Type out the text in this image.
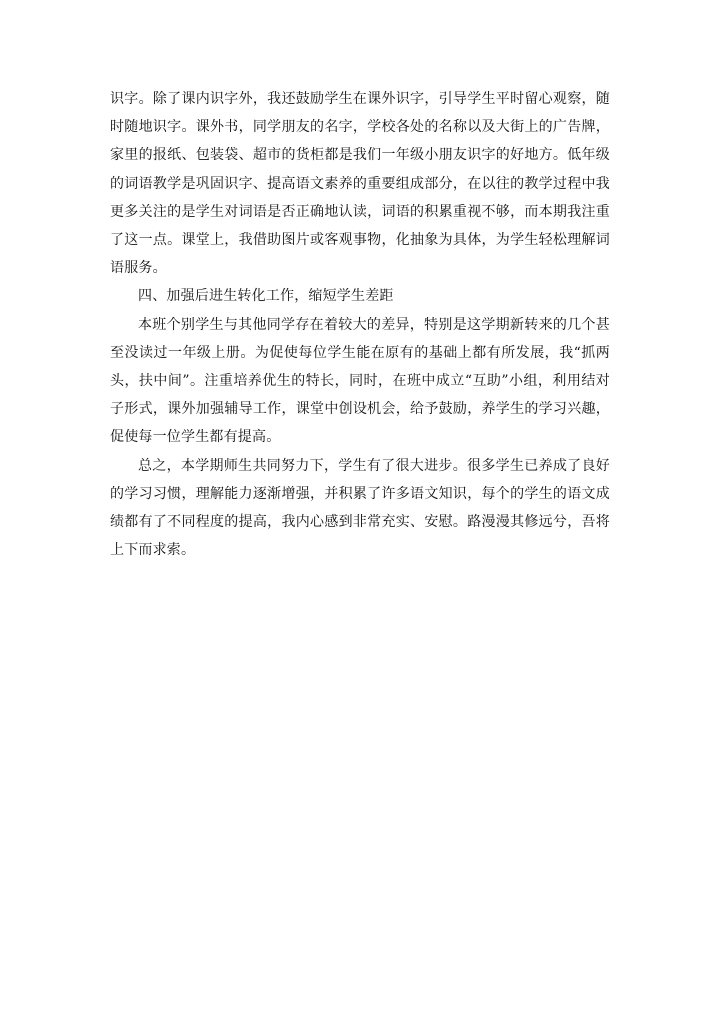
识字。除了课内识字外，我还鼓励学生在课外识字，引导学生平时留心观察，随时随地识字。课外书，同学朋友的名字，学校各处的名称以及大街上的广告牌，家里的报纸、包装袋、超市的货柜都是我们一年级小朋友识字的好地方。低年级的词语教学是巩固识字、提高语文素养的重要组成部分，在以往的教学过程中我更多关注的是学生对词语是否正确地认读，词语的积累重视不够，而本期我注重了这一点。课堂上，我借助图片或客观事物，化抽象为具体，为学生轻松理解词语服务。

四、加强后进生转化工作，缩短学生差距

本班个别学生与其他同学存在着较大的差异，特别是这学期新转来的几个甚至没读过一年级上册。为促使每位学生能在原有的基础上都有所发展，我“抓两头，扶中间”。注重培养优生的特长，同时，在班中成立“互助”小组，利用结对子形式，课外加强辅导工作，课堂中创设机会，给予鼓励，养学生的学习兴趣，促使每一位学生都有提高。

总之，本学期师生共同努力下，学生有了很大进步。很多学生已养成了良好的学习习惯，理解能力逐渐增强，并积累了许多语文知识，每个的学生的语文成绩都有了不同程度的提高，我内心感到非常充实、安慰。路漫漫其修远兮，吾将上下而求索。
